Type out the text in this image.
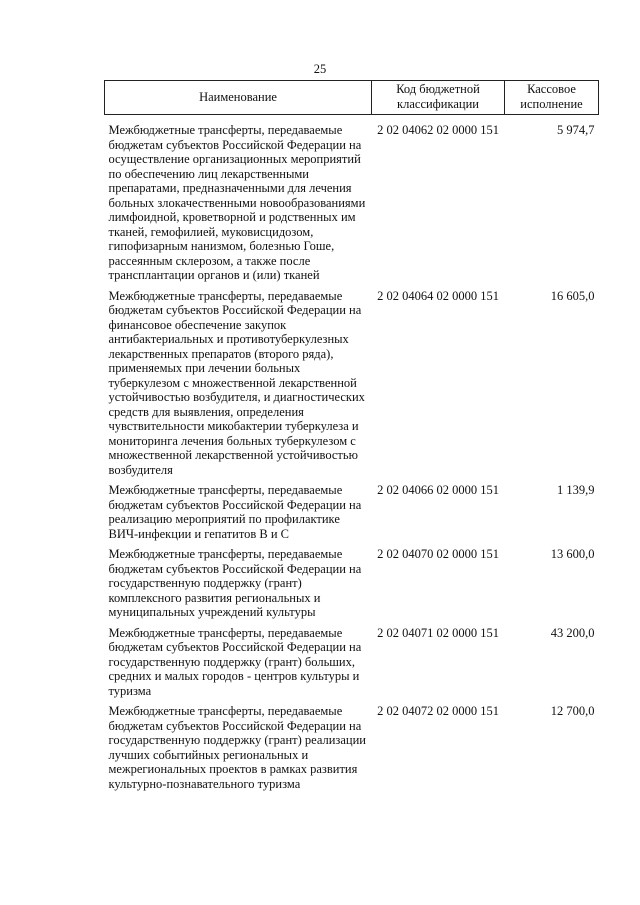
25
Наименование	Код бюджетной классификации	Кассовое исполнение
Межбюджетные трансферты, передаваемые бюджетам субъектов Российской Федерации на осуществление организационных мероприятий по обеспечению лиц лекарственными препаратами, предназначенными для лечения больных злокачественными новообразованиями лимфоидной, кроветворной и родственных им тканей, гемофилией, муковисцидозом, гипофизарным нанизмом, болезнью Гоше, рассеянным склерозом, а также после трансплантации органов и (или) тканей	2 02 04062 02 0000 151	5 974,7
Межбюджетные трансферты, передаваемые бюджетам субъектов Российской Федерации на финансовое обеспечение закупок антибактериальных и противотуберкулезных лекарственных препаратов (второго ряда), применяемых при лечении больных туберкулезом с множественной лекарственной устойчивостью возбудителя, и диагностических средств для выявления, определения чувствительности микобактерии туберкулеза и мониторинга лечения больных туберкулезом с множественной лекарственной устойчивостью возбудителя	2 02 04064 02 0000 151	16 605,0
Межбюджетные трансферты, передаваемые бюджетам субъектов Российской Федерации на реализацию мероприятий по профилактике ВИЧ-инфекции и гепатитов В и С	2 02 04066 02 0000 151	1 139,9
Межбюджетные трансферты, передаваемые бюджетам субъектов Российской Федерации на государственную поддержку (грант) комплексного развития региональных и муниципальных учреждений культуры	2 02 04070 02 0000 151	13 600,0
Межбюджетные трансферты, передаваемые бюджетам субъектов Российской Федерации на государственную поддержку (грант) больших, средних и малых городов - центров культуры и туризма	2 02 04071 02 0000 151	43 200,0
Межбюджетные трансферты, передаваемые бюджетам субъектов Российской Федерации на государственную поддержку (грант) реализации лучших событийных региональных и межрегиональных проектов в рамках развития культурно-познавательного туризма	2 02 04072 02 0000 151	12 700,0
